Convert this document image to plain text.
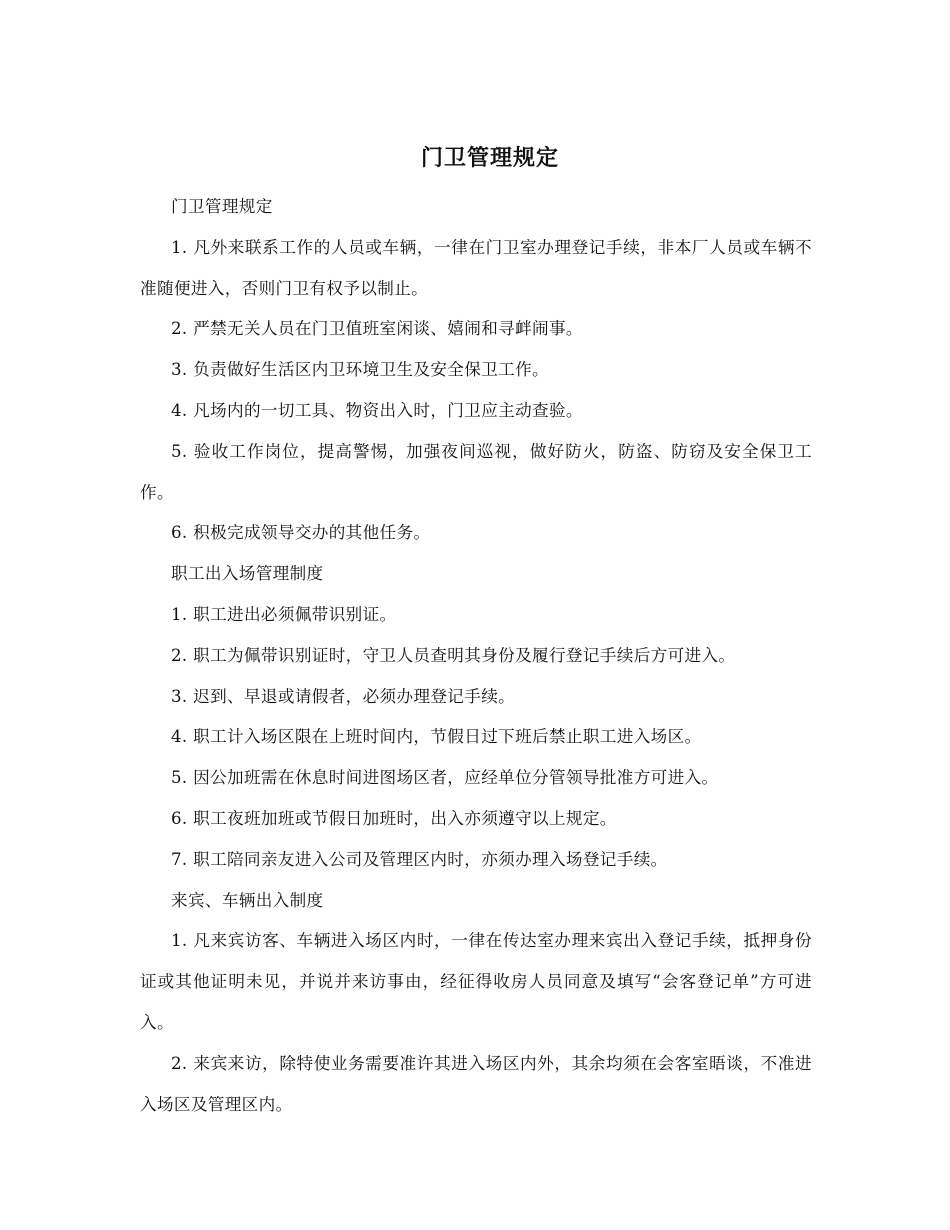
门卫管理规定

门卫管理规定

1. 凡外来联系工作的人员或车辆，一律在门卫室办理登记手续，非本厂人员或车辆不准随便进入，否则门卫有权予以制止。

2. 严禁无关人员在门卫值班室闲谈、嬉闹和寻衅闹事。

3. 负责做好生活区内卫环境卫生及安全保卫工作。

4. 凡场内的一切工具、物资出入时，门卫应主动查验。

5. 验收工作岗位，提高警惕，加强夜间巡视，做好防火，防盗、防窃及安全保卫工作。

6. 积极完成领导交办的其他任务。

职工出入场管理制度

1. 职工进出必须佩带识别证。

2. 职工为佩带识别证时，守卫人员查明其身份及履行登记手续后方可进入。

3. 迟到、早退或请假者，必须办理登记手续。

4. 职工计入场区限在上班时间内，节假日过下班后禁止职工进入场区。

5. 因公加班需在休息时间进图场区者，应经单位分管领导批准方可进入。

6. 职工夜班加班或节假日加班时，出入亦须遵守以上规定。

7. 职工陪同亲友进入公司及管理区内时，亦须办理入场登记手续。

来宾、车辆出入制度

1. 凡来宾访客、车辆进入场区内时，一律在传达室办理来宾出入登记手续，抵押身份证或其他证明未见，并说并来访事由，经征得收房人员同意及填写“会客登记单”方可进入。

2. 来宾来访，除特使业务需要准许其进入场区内外，其余均须在会客室晤谈，不准进入场区及管理区内。
